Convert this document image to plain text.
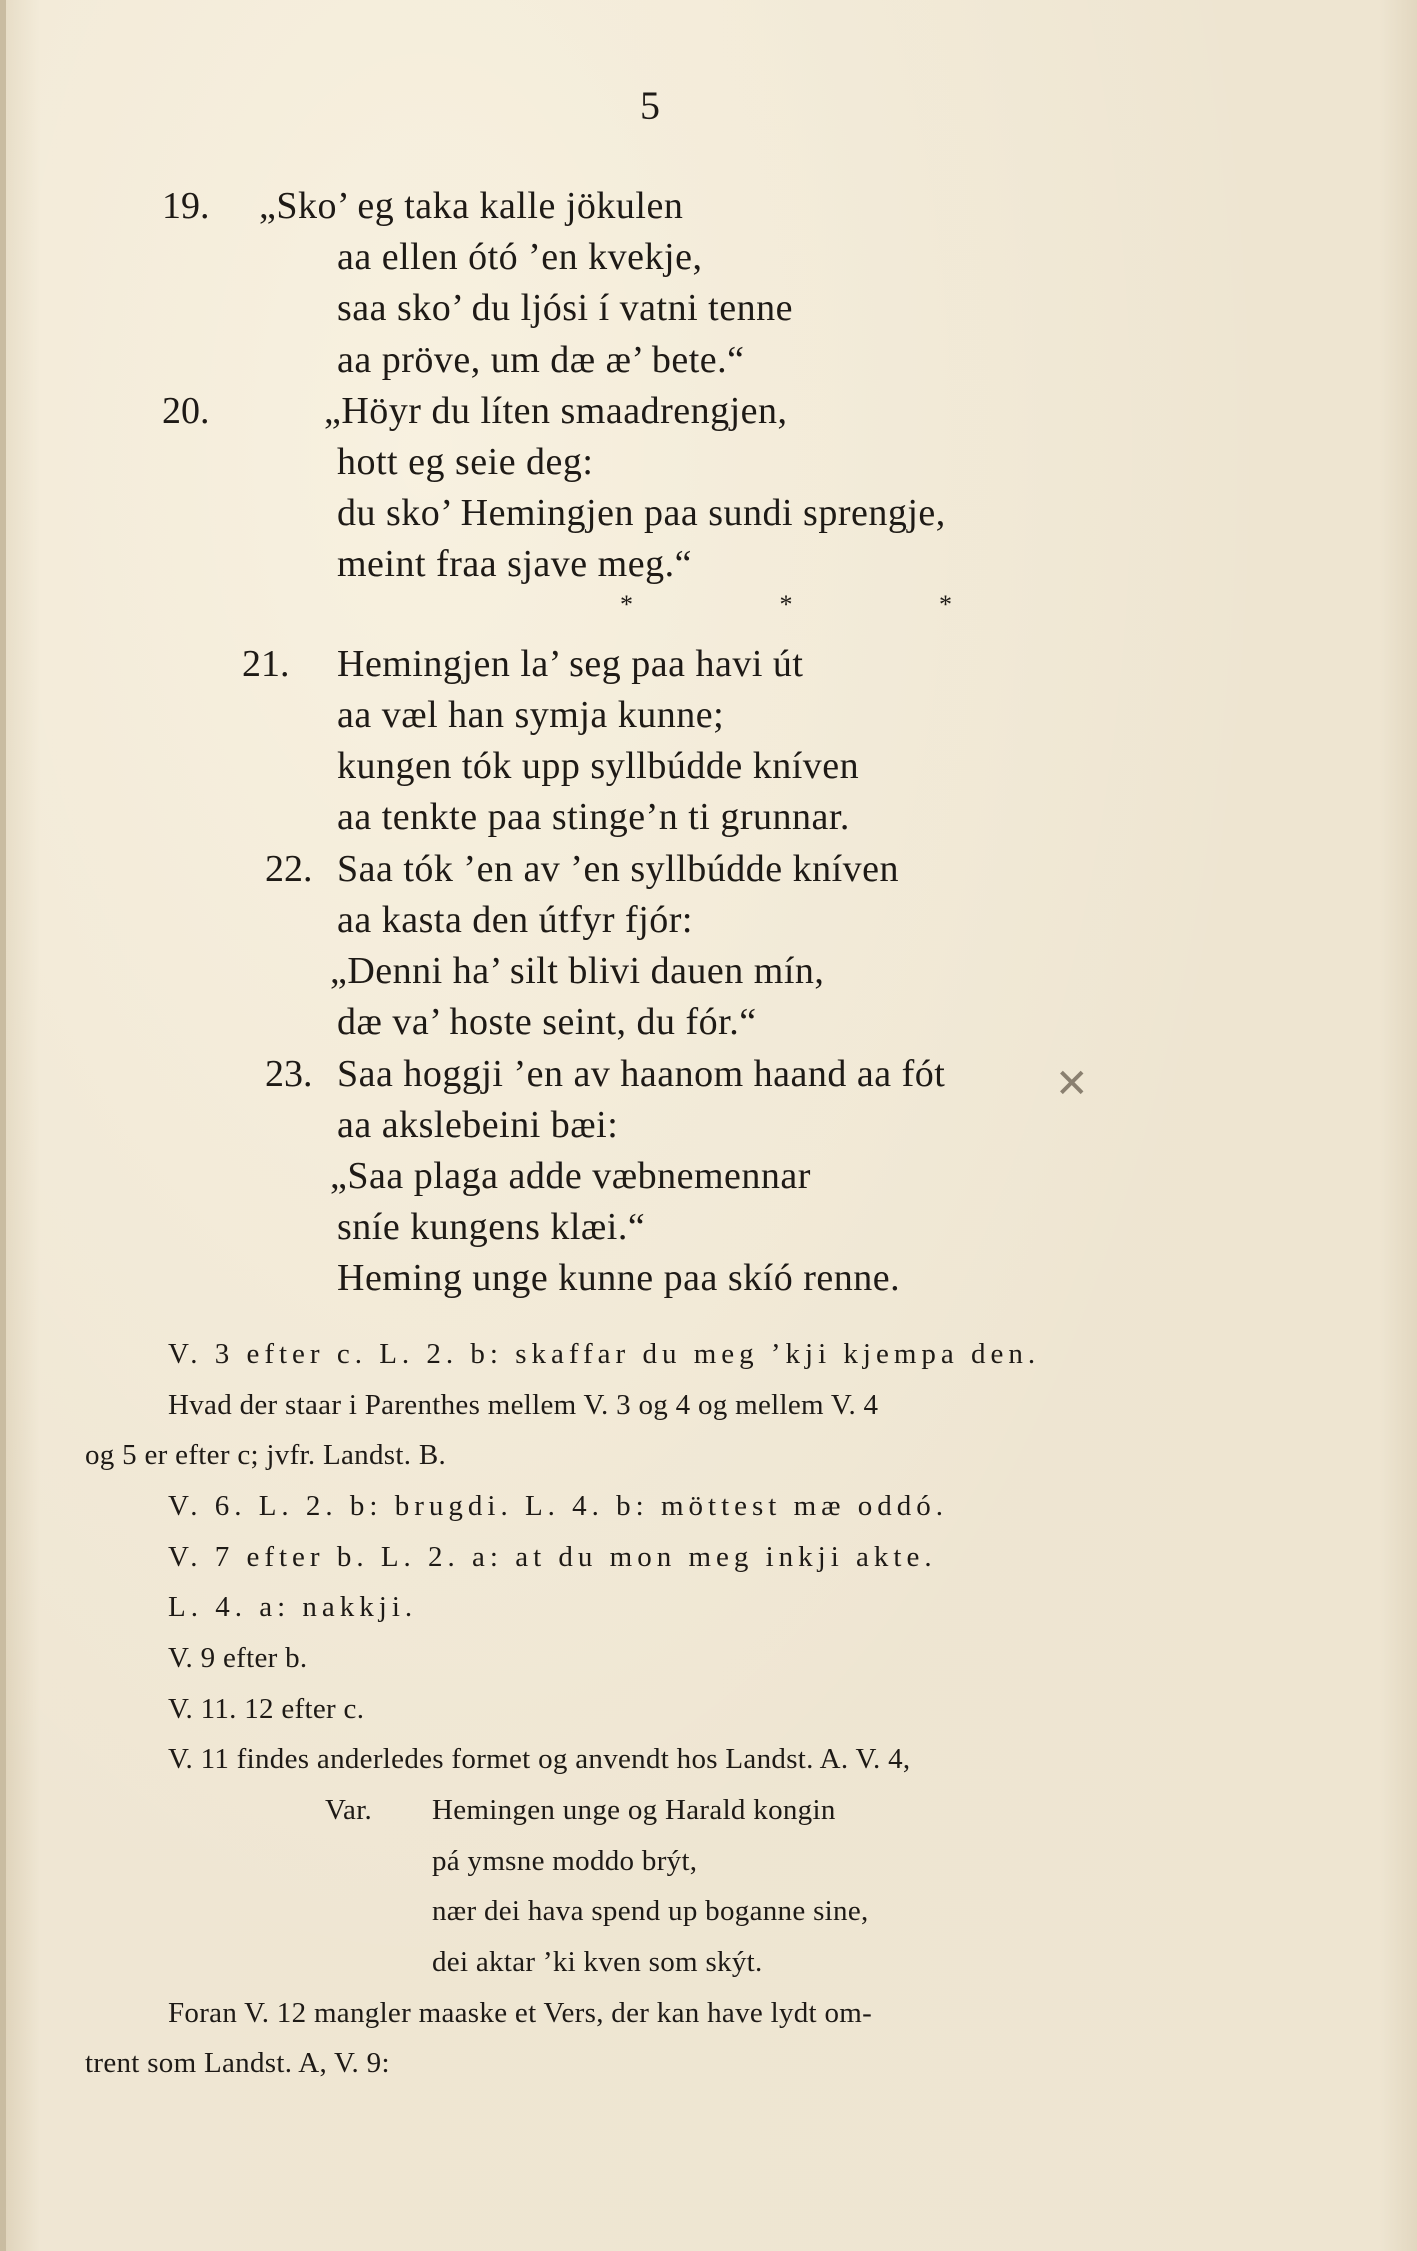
5
19. „Sko’ eg taka kalle jökulen
aa ellen ótó ’en kvekje,
saa sko’ du ljósi í vatni tenne
aa pröve, um dæ æ’ bete.“
20.	„Höyr du líten smaadrengjen,
hott eg seie deg:
du sko’ Hemingjen paa sundi sprengje,
meint fraa sjave meg.“
* * *
21. Hemingjen la’ seg paa havi út
aa væl han symja kunne;
kungen tók upp syllbúdde kníven
aa tenkte paa stinge’n ti grunnar.
22. Saa tók ’en av ’en syllbúdde kníven
aa kasta den útfyr fjór:
„Denni ha’ silt blivi dauen mín,
dæ va’ hoste seint, du fór.“
23. Saa hoggji ’en av haanom haand aa fót
aa akslebeini bæi:
„Saa plaga adde væbnemennar
sníe kungens klæi.“
Heming unge kunne paa skíó renne.
✕
V. 3 efter c. L. 2. b: skaffar du meg ’kji kjempa den.
Hvad der staar i Parenthes mellem V. 3 og 4 og mellem V. 4
og 5 er efter c; jvfr. Landst. B.
V. 6. L. 2. b: brugdi. L. 4. b: möttest mæ oddó.
V. 7 efter b. L. 2. a: at du mon meg inkji akte.
L. 4. a: nakkji.
V. 9 efter b.
V. 11. 12 efter c.
V. 11 findes anderledes formet og anvendt hos Landst. A. V. 4,
Var. Hemingen unge og Harald kongin
pá ymsne moddo brýt,
nær dei hava spend up boganne sine,
dei aktar ’ki kven som skýt.
Foran V. 12 mangler maaske et Vers, der kan have lydt om-
trent som Landst. A, V. 9:
